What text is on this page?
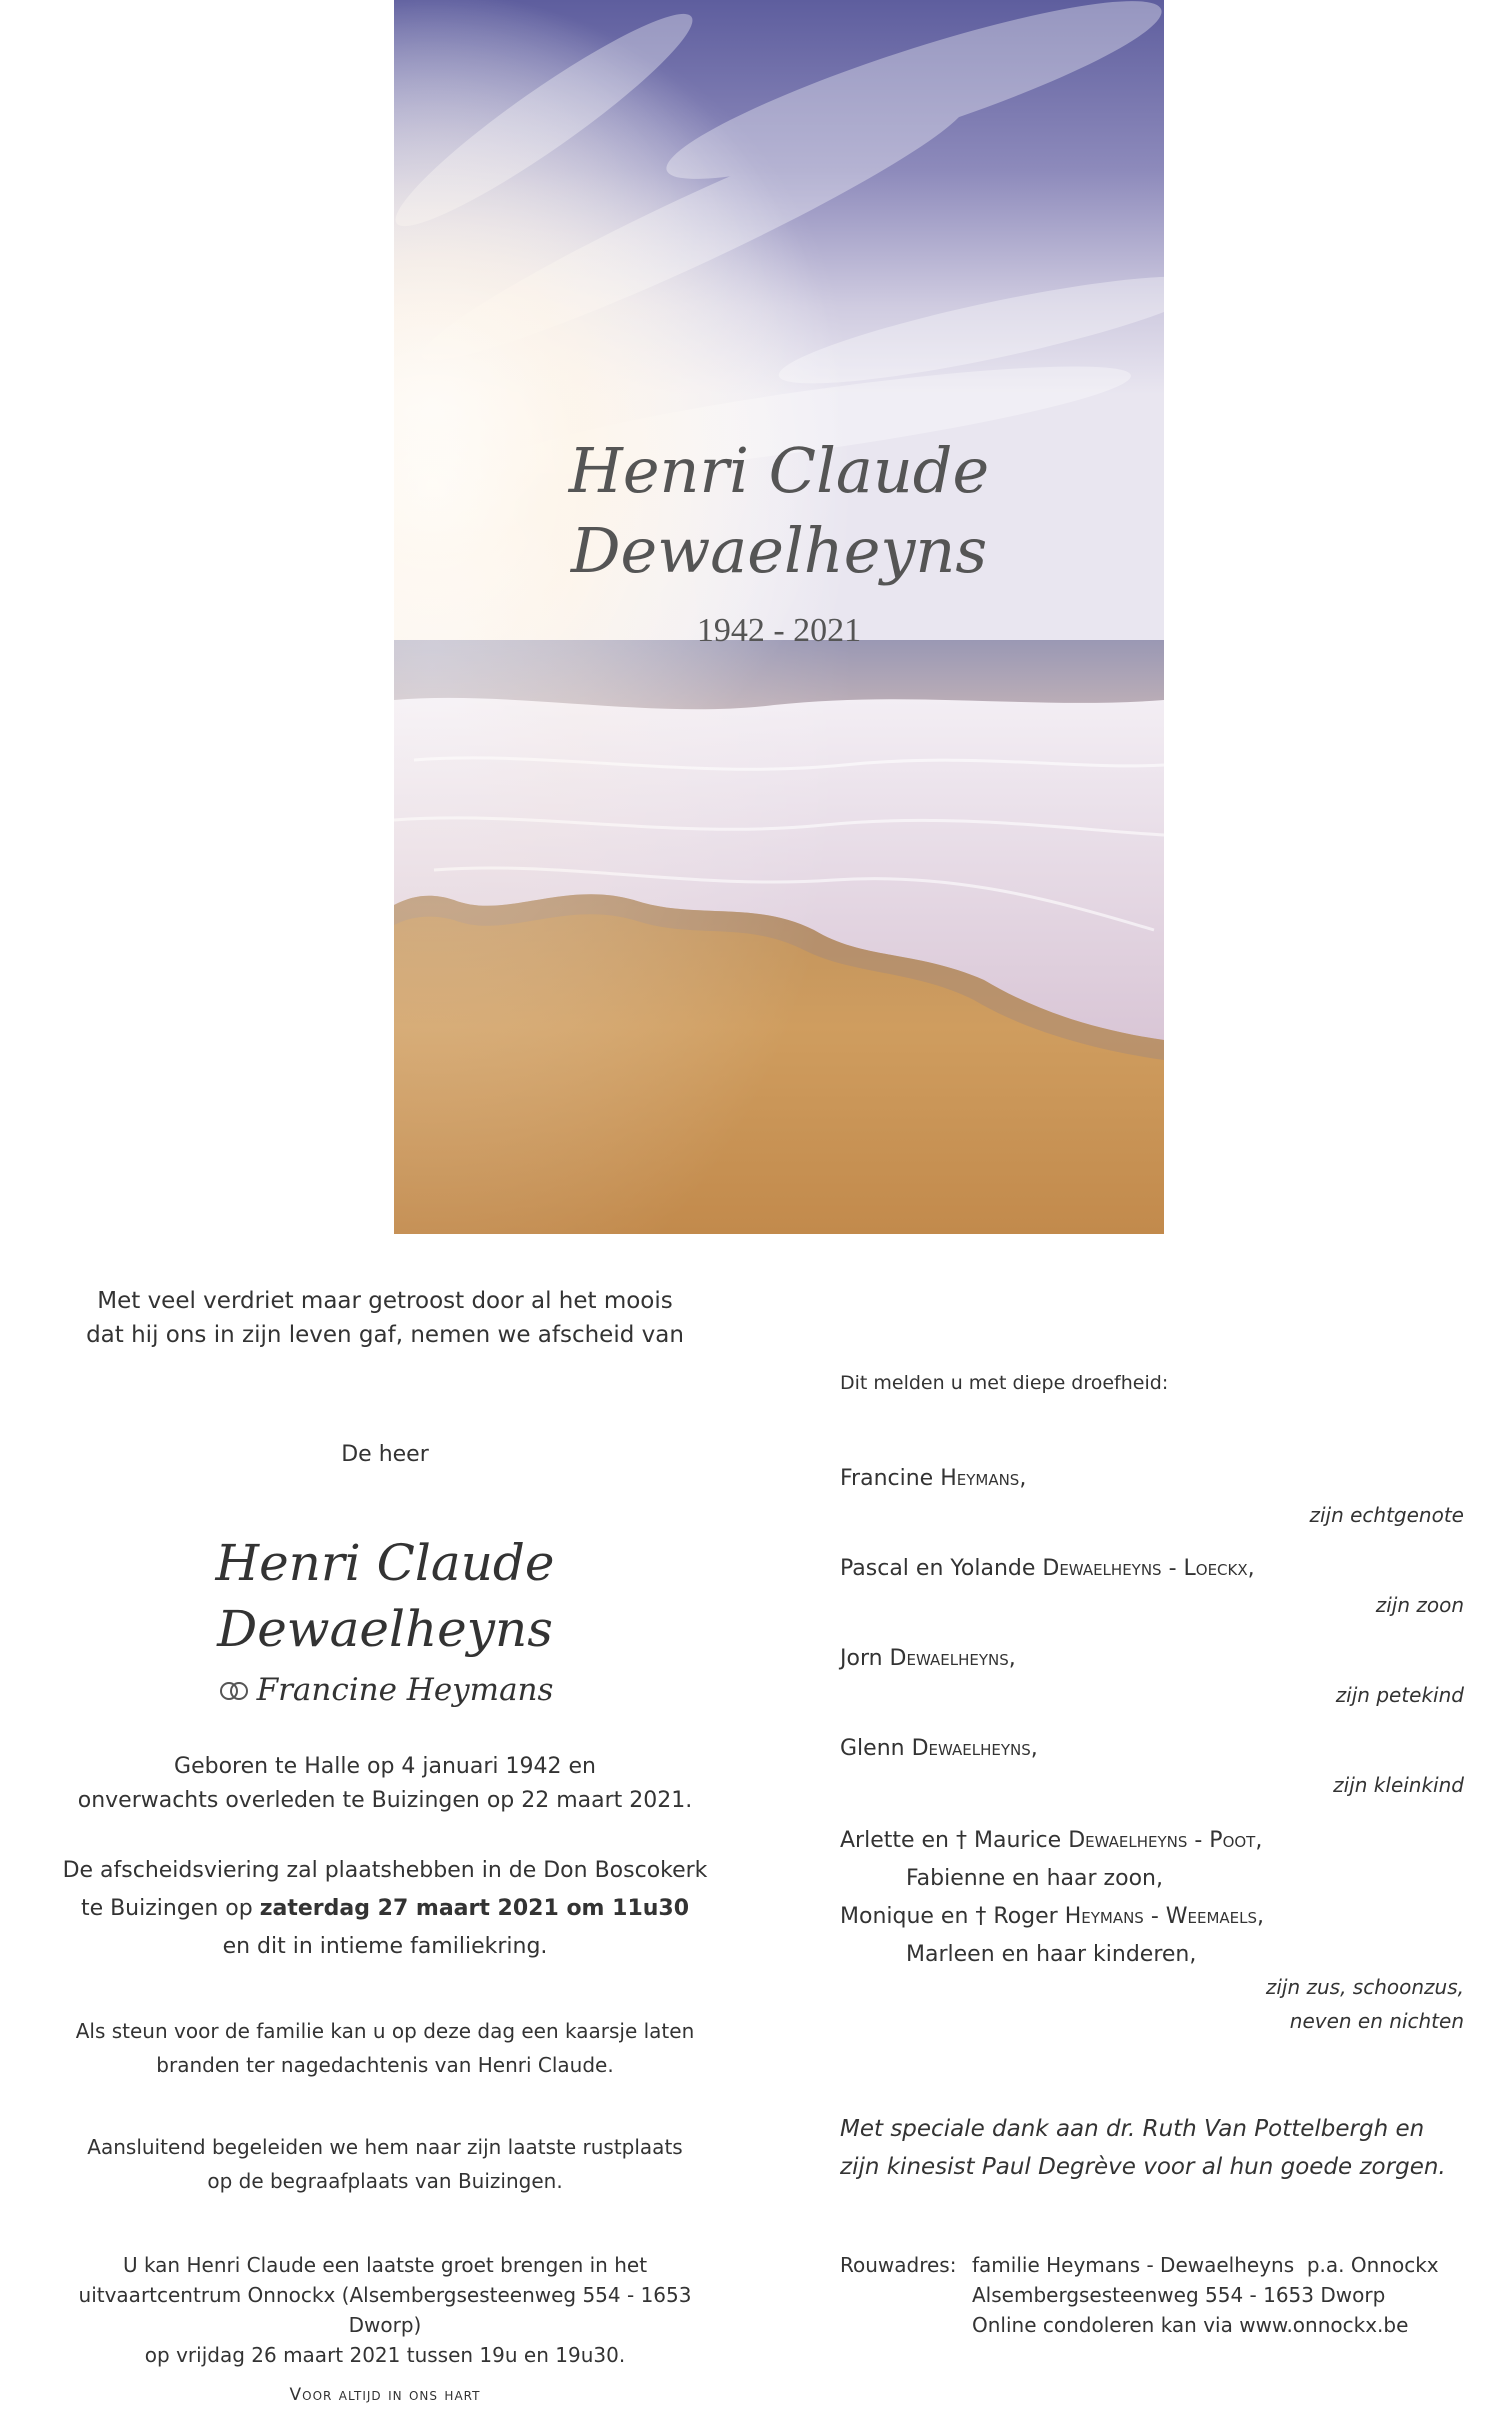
Henri Claude
Dewaelheyns
1942 - 2021
Met veel verdriet maar getroost door al het moois
dat hij ons in zijn leven gaf, nemen we afscheid van
De heer
Henri Claude
Dewaelheyns
Francine Heymans
Geboren te Halle op 4 januari 1942 en
onverwachts overleden te Buizingen op 22 maart 2021.
De afscheidsviering zal plaatshebben in de Don Boscokerk
te Buizingen op zaterdag 27 maart 2021 om 11u30
en dit in intieme familiekring.
Als steun voor de familie kan u op deze dag een kaarsje laten
branden ter nagedachtenis van Henri Claude.
Aansluitend begeleiden we hem naar zijn laatste rustplaats
op de begraafplaats van Buizingen.
U kan Henri Claude een laatste groet brengen in het
uitvaartcentrum Onnockx (Alsembergsesteenweg 554 - 1653 Dworp)
op vrijdag 26 maart 2021 tussen 19u en 19u30.
Voor altijd in ons hart
Dit melden u met diepe droefheid:
Francine Heymans,
zijn echtgenote
Pascal en Yolande Dewaelheyns - Loeckx,
zijn zoon
Jorn Dewaelheyns,
zijn petekind
Glenn Dewaelheyns,
zijn kleinkind
Arlette en † Maurice Dewaelheyns - Poot,
Fabienne en haar zoon,
Monique en † Roger Heymans - Weemaels,
Marleen en haar kinderen,
zijn zus, schoonzus,
neven en nichten
Met speciale dank aan dr. Ruth Van Pottelbergh en
zijn kinesist Paul Degrève voor al hun goede zorgen.
Rouwadres: familie Heymans - Dewaelheyns  p.a. Onnockx
Alsembergsesteenweg 554 - 1653 Dworp
Online condoleren kan via www.onnockx.be
